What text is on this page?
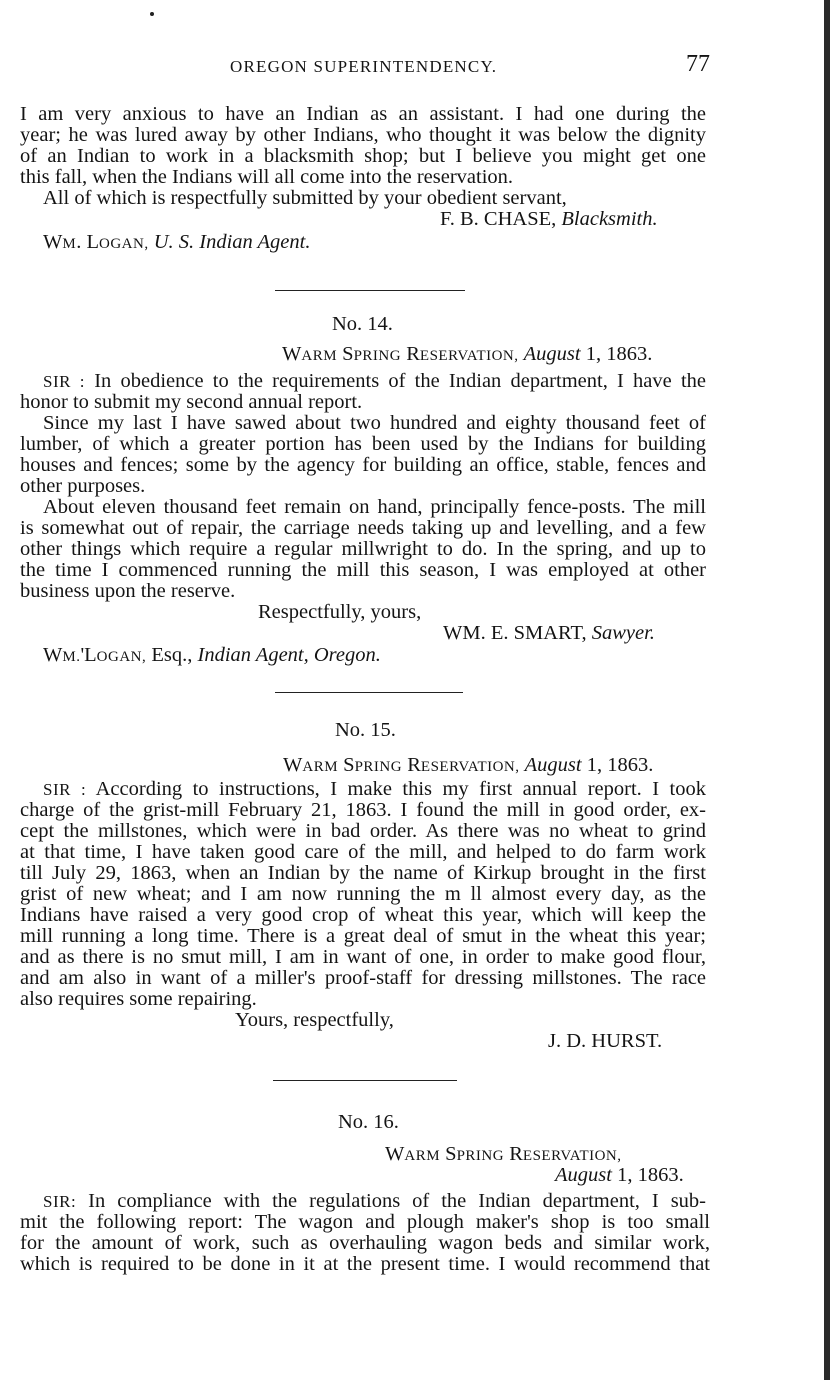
OREGON SUPERINTENDENCY.	77
I am very anxious to have an Indian as an assistant. I had one during the
year; he was lured away by other Indians, who thought it was below the dignity
of an Indian to work in a blacksmith shop; but I believe you might get one
this fall, when the Indians will all come into the reservation.
All of which is respectfully submitted by your obedient servant,
F. B. CHASE, Blacksmith.
WM. LOGAN, U. S. Indian Agent.
No. 14.
WARM SPRING RESERVATION, August 1, 1863.
SIR : In obedience to the requirements of the Indian department, I have the
honor to submit my second annual report.
Since my last I have sawed about two hundred and eighty thousand feet of
lumber, of which a greater portion has been used by the Indians for building
houses and fences; some by the agency for building an office, stable, fences and
other purposes.
About eleven thousand feet remain on hand, principally fence-posts. The mill
is somewhat out of repair, the carriage needs taking up and levelling, and a few
other things which require a regular millwright to do. In the spring, and up to
the time I commenced running the mill this season, I was employed at other
business upon the reserve.
Respectfully, yours,
WM. E. SMART, Sawyer.
WM.'LOGAN, Esq., Indian Agent, Oregon.
No. 15.
WARM SPRING RESERVATION, August 1, 1863.
SIR : According to instructions, I make this my first annual report. I took
charge of the grist-mill February 21, 1863. I found the mill in good order, ex-
cept the millstones, which were in bad order. As there was no wheat to grind
at that time, I have taken good care of the mill, and helped to do farm work
till July 29, 1863, when an Indian by the name of Kirkup brought in the first
grist of new wheat; and I am now running the m ll almost every day, as the
Indians have raised a very good crop of wheat this year, which will keep the
mill running a long time. There is a great deal of smut in the wheat this year;
and as there is no smut mill, I am in want of one, in order to make good flour,
and am also in want of a miller's proof-staff for dressing millstones. The race
also requires some repairing.
Yours, respectfully,
J. D. HURST.
No. 16.
WARM SPRING RESERVATION,
August 1, 1863.
SIR: In compliance with the regulations of the Indian department, I sub-
mit the following report: The wagon and plough maker's shop is too small
for the amount of work, such as overhauling wagon beds and similar work,
which is required to be done in it at the present time. I would recommend that
